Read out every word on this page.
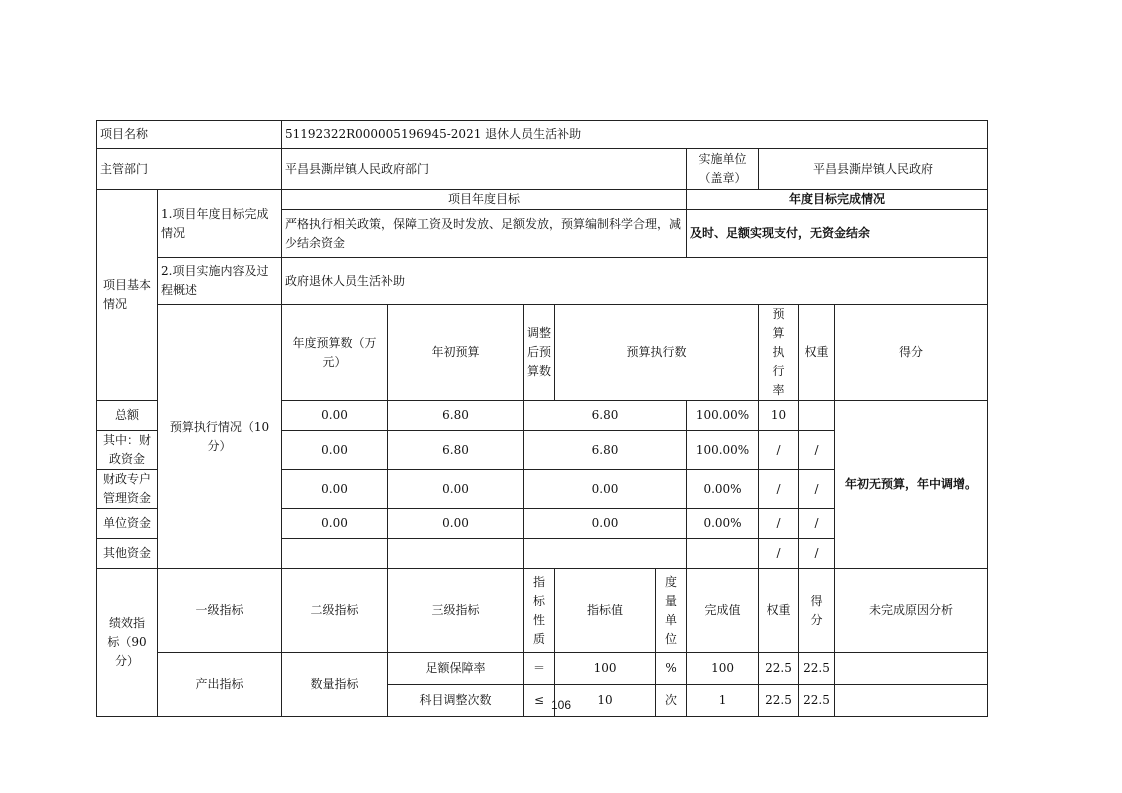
项目名称		51192322R000005196945-2021 退休人员生活补助									
主管部门		平昌县澌岸镇人民政府部门					实施单位（盖章）	平昌县澌岸镇人民政府			
项目基本情况	1.项目年度目标完成情况	项目年度目标					年度目标完成情况				
		严格执行相关政策，保障工资及时发放、足额发放，预算编制科学合理，减少结余资金					及时、足额实现支付，无资金结余				
	2.项目实施内容及过程概述	政府退休人员生活补助									
	预算执行情况（10 分）	年度预算数（万元）	年初预算	调整后预算数	预算执行数			预算执行率	权重	得分	
总额		0.00	6.80	6.80			100.00%	10		年初无预算，年中调增。	
其中：财政资金		0.00	6.80	6.80			100.00%	/	/		
财政专户管理资金		0.00	0.00	0.00			0.00%	/	/		
单位资金		0.00	0.00	0.00			0.00%	/	/		
其他资金								/	/		
绩效指标（90 分）	一级指标	二级指标	三级指标	指标性质	指标值	度量单位	完成值	权重	得分	未完成原因分析	
	产出指标	数量指标	足额保障率	＝	100	%	100	22.5	22.5		
			科目调整次数	≤	10	次	1	22.5	22.5		
106
